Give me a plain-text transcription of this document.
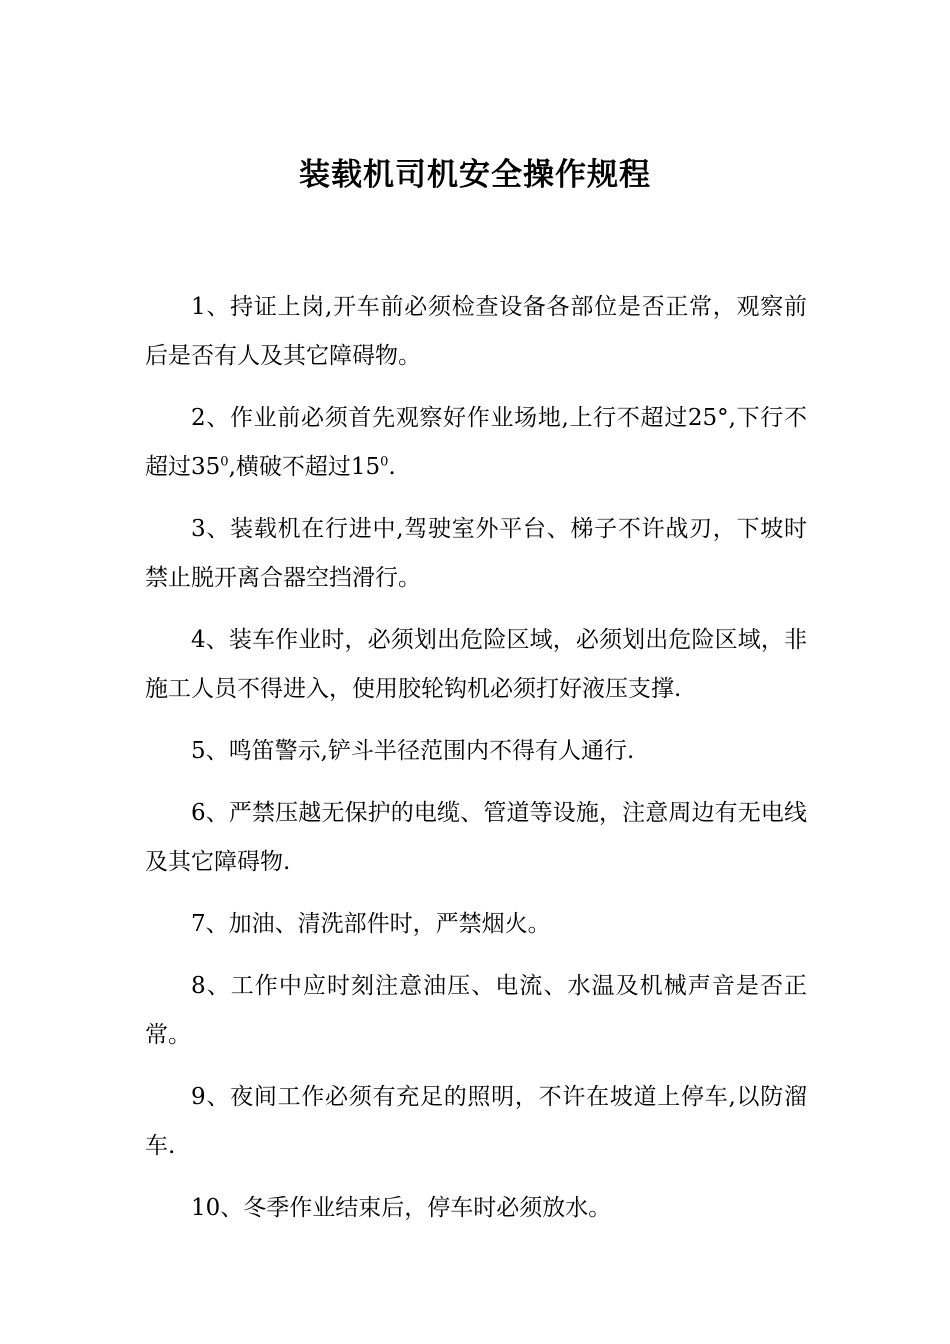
装载机司机安全操作规程

1、持证上岗,开车前必须检查设备各部位是否正常，观察前后是否有人及其它障碍物。

2、作业前必须首先观察好作业场地,上行不超过25°,下行不超过$35^0$,横破不超过$15^0$.

3、装载机在行进中,驾驶室外平台、梯子不许战刃，下坡时禁止脱开离合器空挡滑行。

4、装车作业时，必须划出危险区域，必须划出危险区域，非施工人员不得进入，使用胶轮钩机必须打好液压支撑.

5、鸣笛警示,铲斗半径范围内不得有人通行.

6、严禁压越无保护的电缆、管道等设施，注意周边有无电线及其它障碍物.

7、加油、清洗部件时，严禁烟火。

8、工作中应时刻注意油压、电流、水温及机械声音是否正常。

9、夜间工作必须有充足的照明，不许在坡道上停车,以防溜车.

10、冬季作业结束后，停车时必须放水。
